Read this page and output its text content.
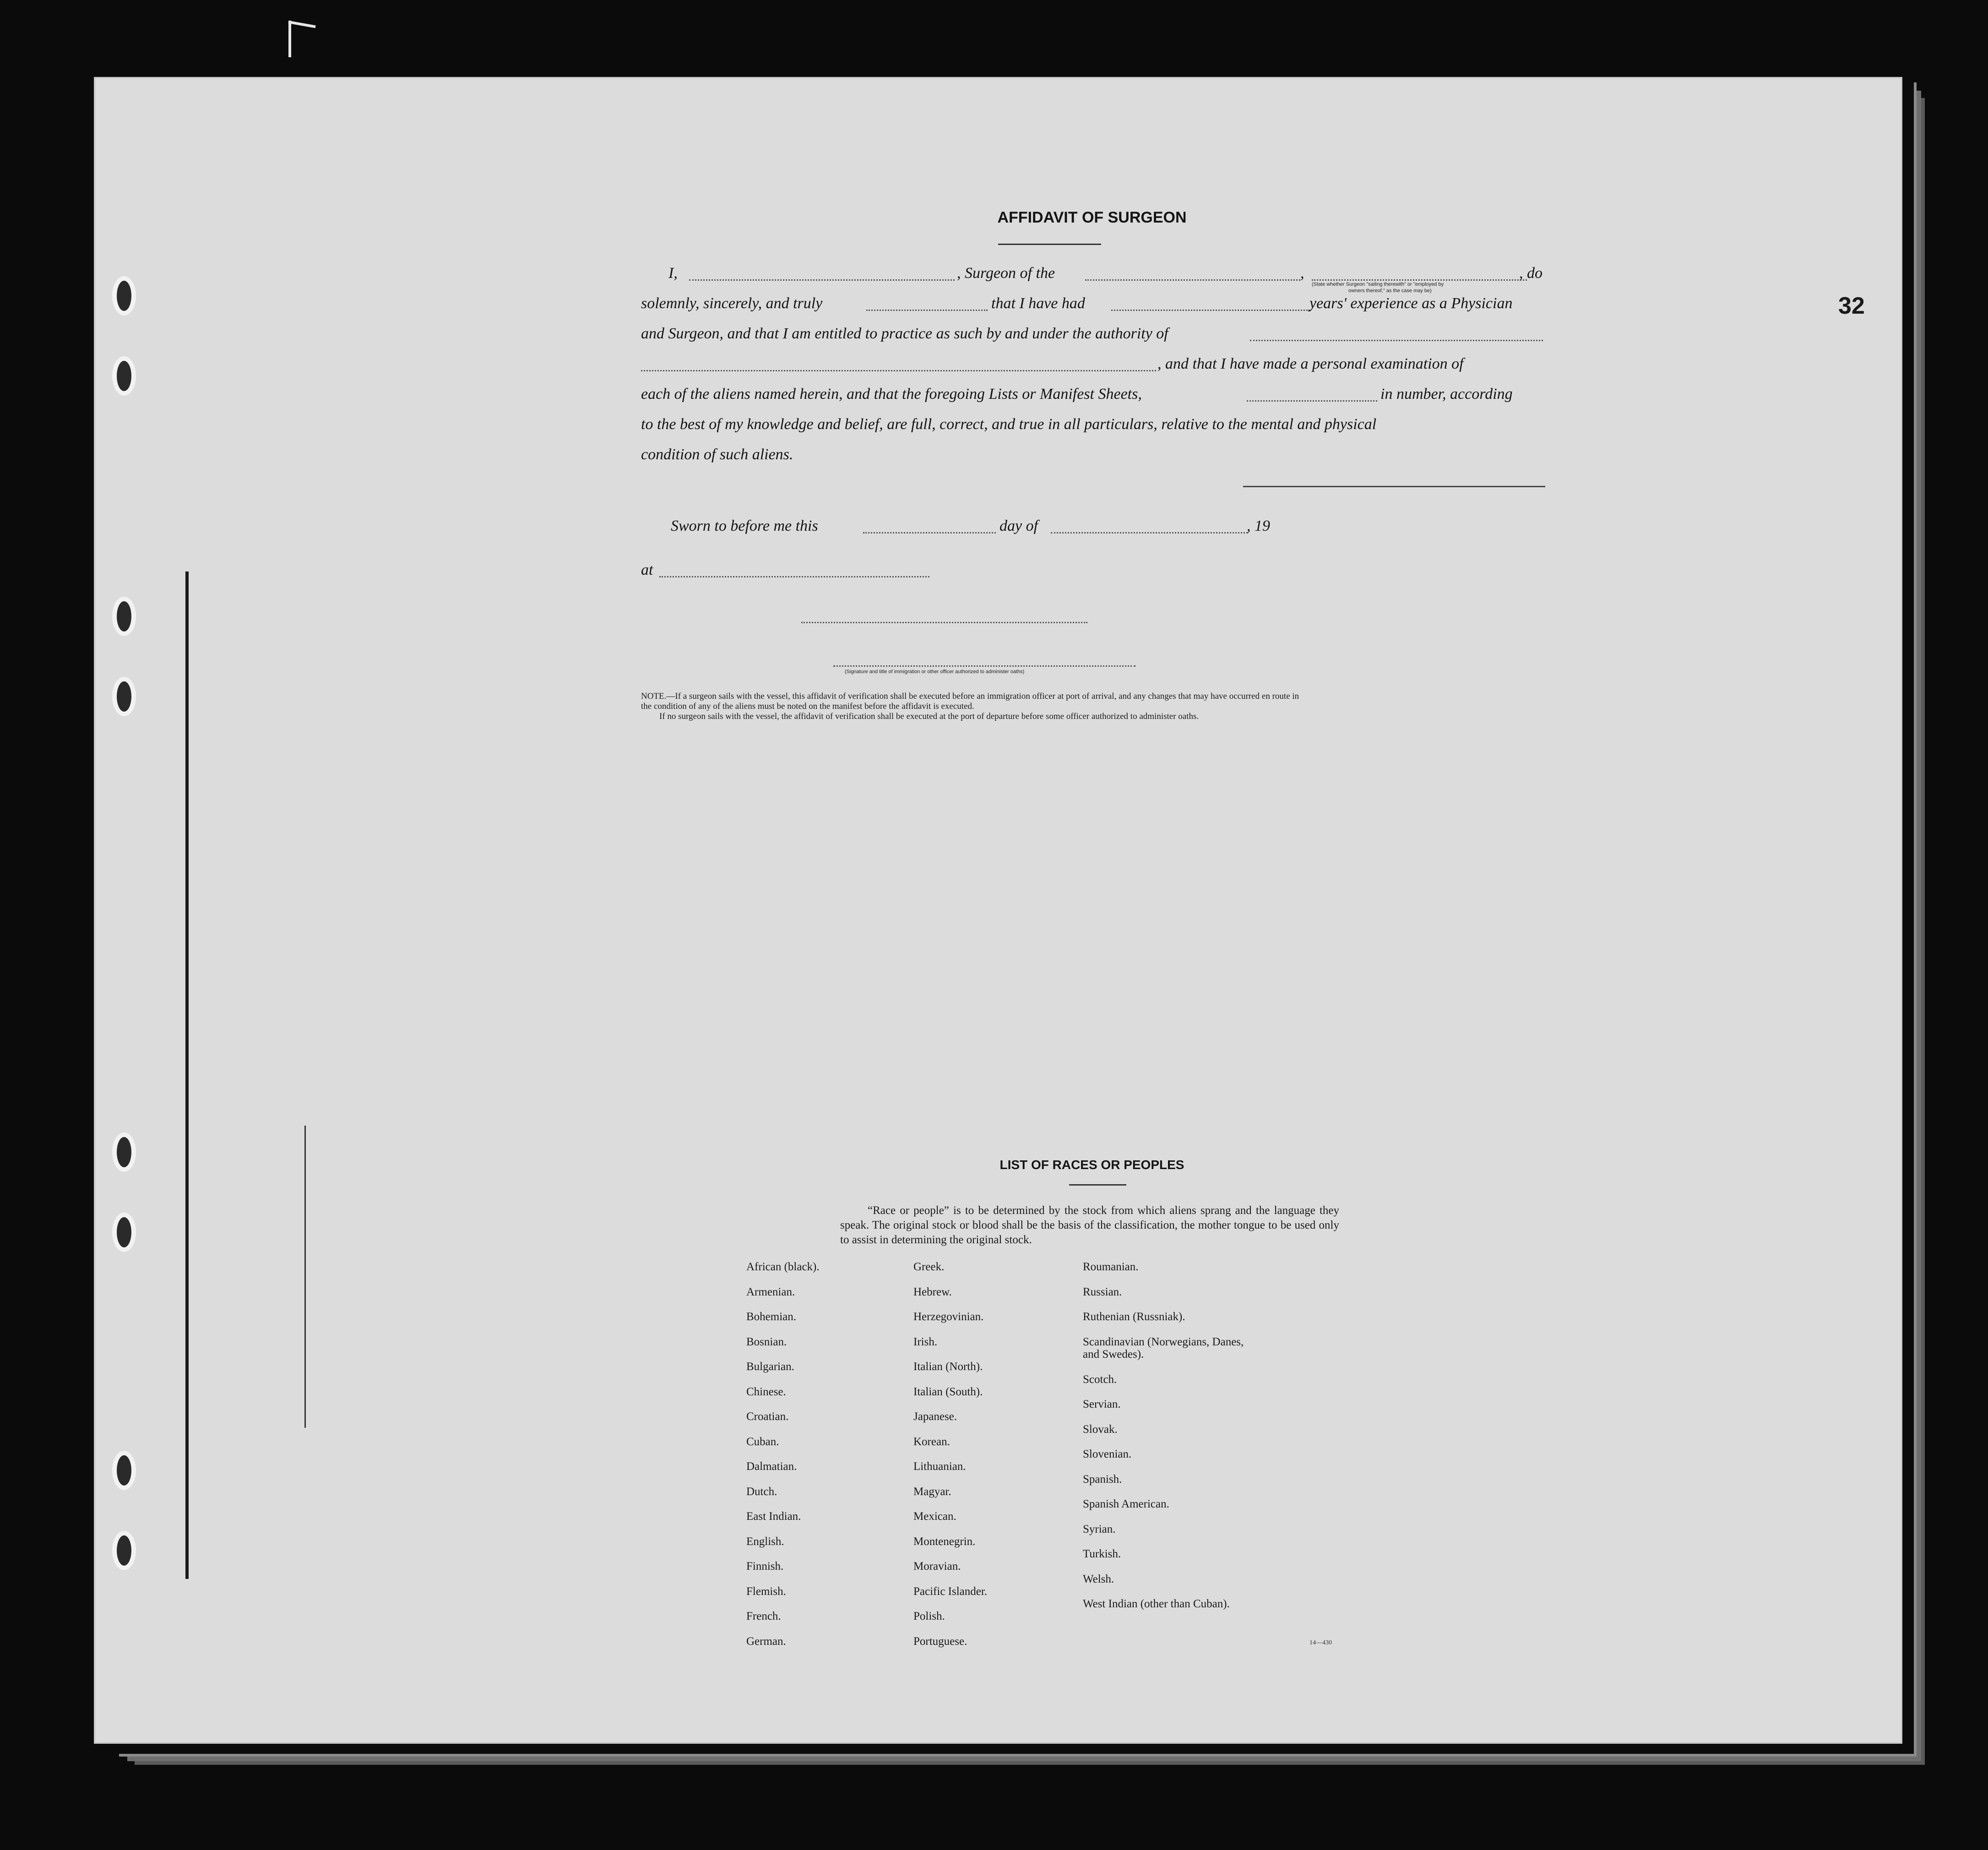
32
AFFIDAVIT OF SURGEON
I,	, Surgeon of the	,	, do
(State whether Surgeon "sailing therewith" or "employed by
owners thereof," as the case may be)
solemnly, sincerely, and truly	that I have had	years' experience as a Physician
and Surgeon, and that I am entitled to practice as such by and under the authority of
, and that I have made a personal examination of
each of the aliens named herein, and that the foregoing Lists or Manifest Sheets,	in number, according
to the best of my knowledge and belief, are full, correct, and true in all particulars, relative to the mental and physical
condition of such aliens.
Sworn to before me this	day of	, 19
at
(Signature and title of immigration or other officer authorized to administer oaths)
NOTE.—If a surgeon sails with the vessel, this affidavit of verification shall be executed before an immigration officer at port of arrival, and any changes that may have occurred en route in
the condition of any of the aliens must be noted on the manifest before the affidavit is executed.
If no surgeon sails with the vessel, the affidavit of verification shall be executed at the port of departure before some officer authorized to administer oaths.
LIST OF RACES OR PEOPLES
“Race or people” is to be determined by the stock from which aliens sprang and the language they speak. The original stock or blood shall be the basis of the classification, the mother tongue to be used only to assist in determining the original stock.
African (black).
Armenian.
Bohemian.
Bosnian.
Bulgarian.
Chinese.
Croatian.
Cuban.
Dalmatian.
Dutch.
East Indian.
English.
Finnish.
Flemish.
French.
German.
Greek.
Hebrew.
Herzegovinian.
Irish.
Italian (North).
Italian (South).
Japanese.
Korean.
Lithuanian.
Magyar.
Mexican.
Montenegrin.
Moravian.
Pacific Islander.
Polish.
Portuguese.
Roumanian.
Russian.
Ruthenian (Russniak).
Scandinavian (Norwegians, Danes, and Swedes).
Scotch.
Servian.
Slovak.
Slovenian.
Spanish.
Spanish American.
Syrian.
Turkish.
Welsh.
West Indian (other than Cuban).
14—430
